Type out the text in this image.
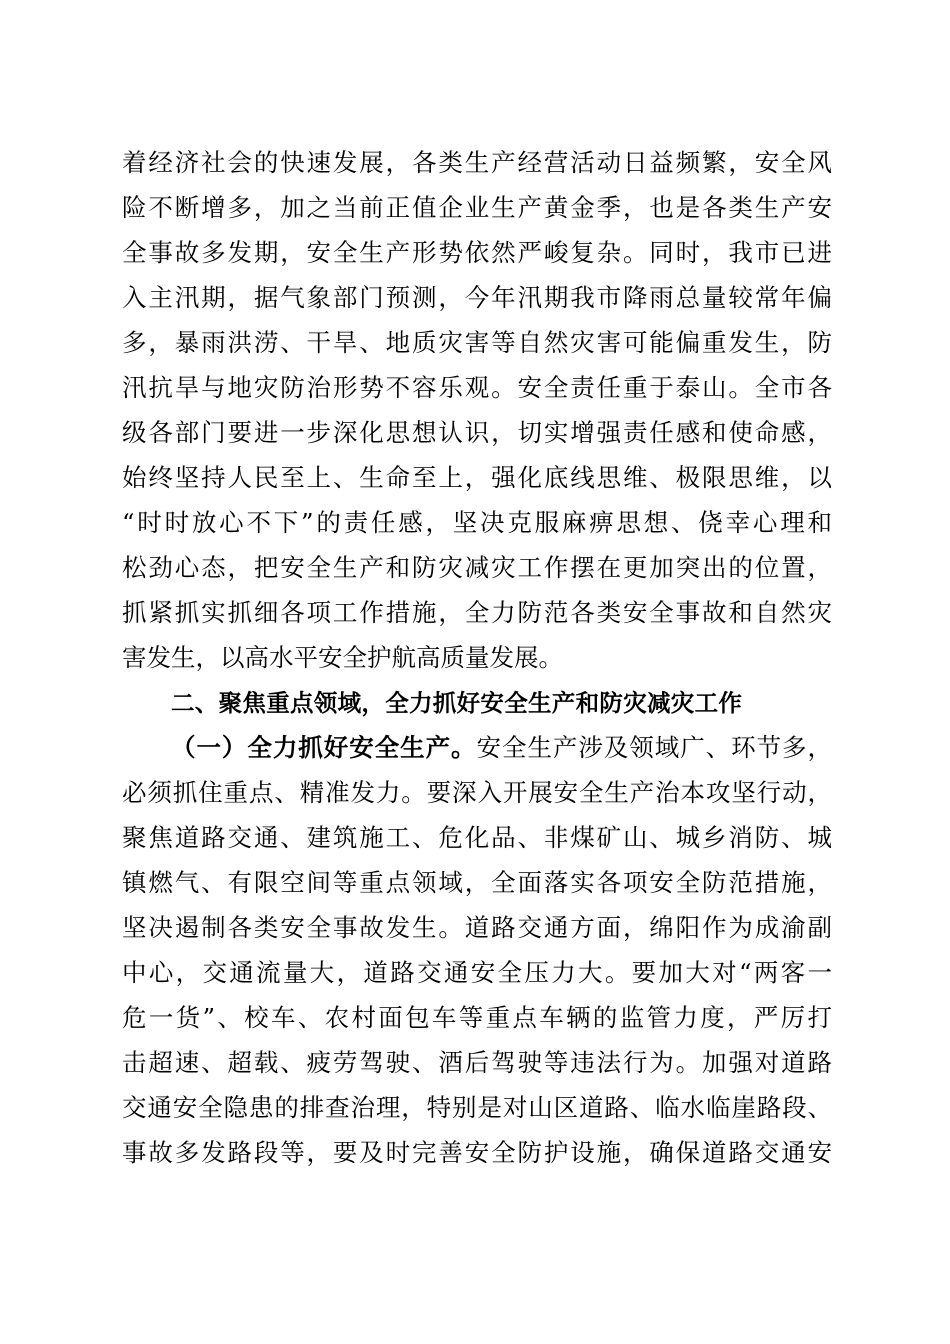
着经济社会的快速发展，各类生产经营活动日益频繁，安全风
险不断增多，加之当前正值企业生产黄金季，也是各类生产安
全事故多发期，安全生产形势依然严峻复杂。同时，我市已进
入主汛期，据气象部门预测，今年汛期我市降雨总量较常年偏
多，暴雨洪涝、干旱、地质灾害等自然灾害可能偏重发生，防
汛抗旱与地灾防治形势不容乐观。安全责任重于泰山。全市各
级各部门要进一步深化思想认识，切实增强责任感和使命感，
始终坚持人民至上、生命至上，强化底线思维、极限思维，以
“时时放心不下”的责任感，坚决克服麻痹思想、侥幸心理和
松劲心态，把安全生产和防灾减灾工作摆在更加突出的位置，
抓紧抓实抓细各项工作措施，全力防范各类安全事故和自然灾
害发生，以高水平安全护航高质量发展。
二、聚焦重点领域，全力抓好安全生产和防灾减灾工作
（一）全力抓好安全生产。安全生产涉及领域广、环节多，
必须抓住重点、精准发力。要深入开展安全生产治本攻坚行动，
聚焦道路交通、建筑施工、危化品、非煤矿山、城乡消防、城
镇燃气、有限空间等重点领域，全面落实各项安全防范措施，
坚决遏制各类安全事故发生。道路交通方面，绵阳作为成渝副
中心，交通流量大，道路交通安全压力大。要加大对“两客一
危一货”、校车、农村面包车等重点车辆的监管力度，严厉打
击超速、超载、疲劳驾驶、酒后驾驶等违法行为。加强对道路
交通安全隐患的排查治理，特别是对山区道路、临水临崖路段、
事故多发路段等，要及时完善安全防护设施，确保道路交通安
